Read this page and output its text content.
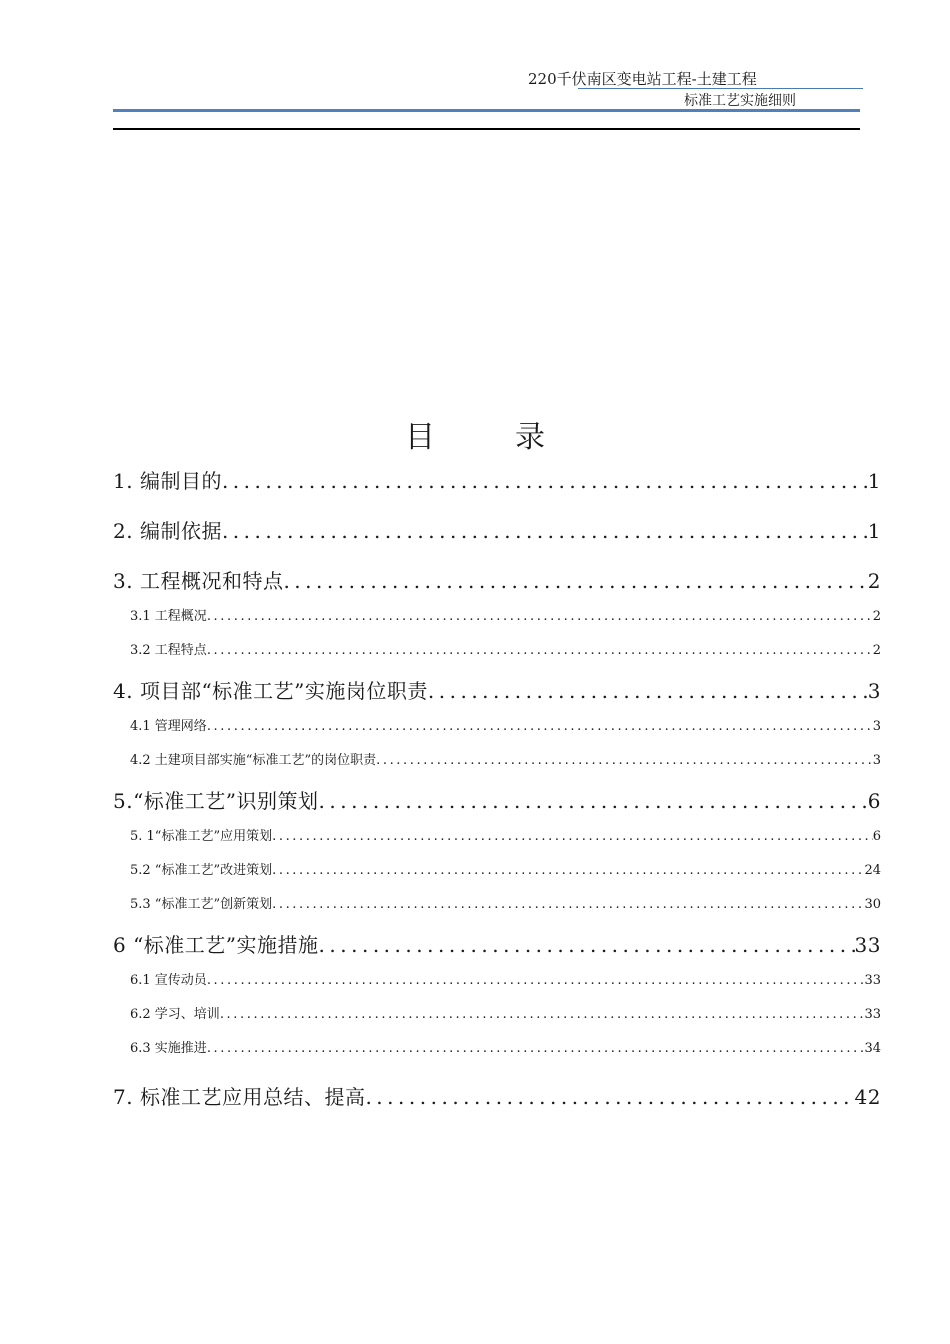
220千伏南区变电站工程-土建工程
标准工艺实施细则
目	录
1. 编制目的 .....	1
2. 编制依据 .....	1
3. 工程概况和特点 .....	2
3.1 工程概况 .....	2
3.2 工程特点 .....	2
4. 项目部“标准工艺”实施岗位职责 .....	3
4.1 管理网络 .....	3
4.2 土建项目部实施“标准工艺”的岗位职责 .....	3
5.“标准工艺”识别策划 .....	6
5. 1“标准工艺”应用策划 .....	6
5.2 “标准工艺”改进策划 .....	24
5.3 “标准工艺”创新策划 .....	30
6 “标准工艺”实施措施 .....	33
6.1 宣传动员 .....	33
6.2 学习、培训 .....	33
6.3 实施推进 .....	34
7. 标准工艺应用总结、提高 .....	42
